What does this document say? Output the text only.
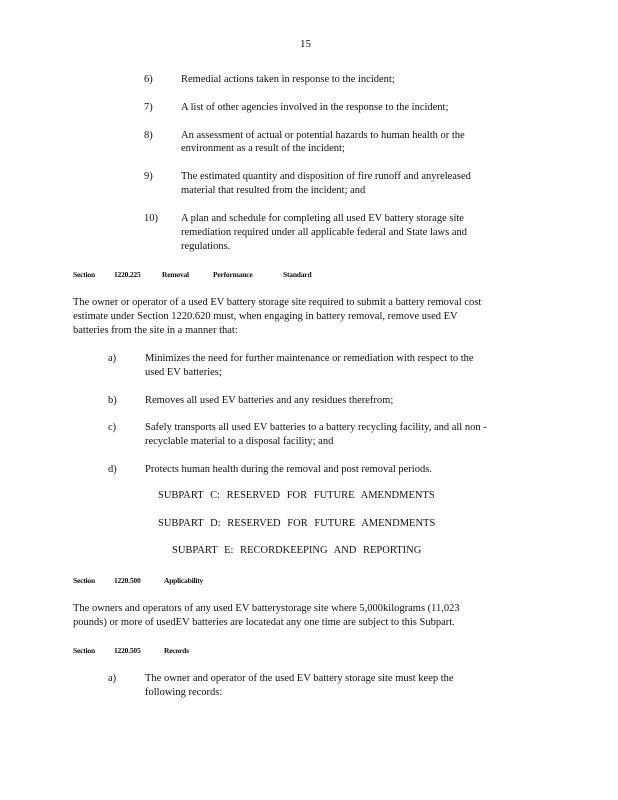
15
6)	Remedial actions taken in response to the incident;
7)	A list of other agencies involved in the response to the incident;
8)	An assessment of actual or potential hazards to human health or the
environment as a result of the incident;
9)	The estimated quantity and disposition of fire runoff and anyreleased
material that resulted from the incident; and
10) A plan and schedule for completing all used EV battery storage site
remediation required under all applicable federal and State laws and
regulations.
Section	1220.225	Removal	Performance	Standard
The owner or operator of a used EV battery storage site required to submit a battery removal cost
estimate under Section 1220.620 must, when engaging in battery removal, remove used EV
batteries from the site in a manner that:
a)	Minimizes the need for further maintenance or remediation with respect to the
used EV batteries;
b)	Removes all used EV batteries and any residues therefrom;
c)	Safely transports all used EV batteries to a battery recycling facility, and all non -
recyclable material to a disposal facility; and
d)	Protects human health during the removal and post removal periods.
SUBPART C: RESERVED FOR FUTURE AMENDMENTS
SUBPART D: RESERVED FOR FUTURE AMENDMENTS
SUBPART E: RECORDKEEPING AND REPORTING
Section	1220.500	Applicability
The owners and operators of any used EV batterystorage site where 5,000kilograms (11,023
pounds) or more of usedEV batteries are locatedat any one time are subject to this Subpart.
Section	1220.505	Records
a)	The owner and operator of the used EV battery storage site must keep the
following records:
